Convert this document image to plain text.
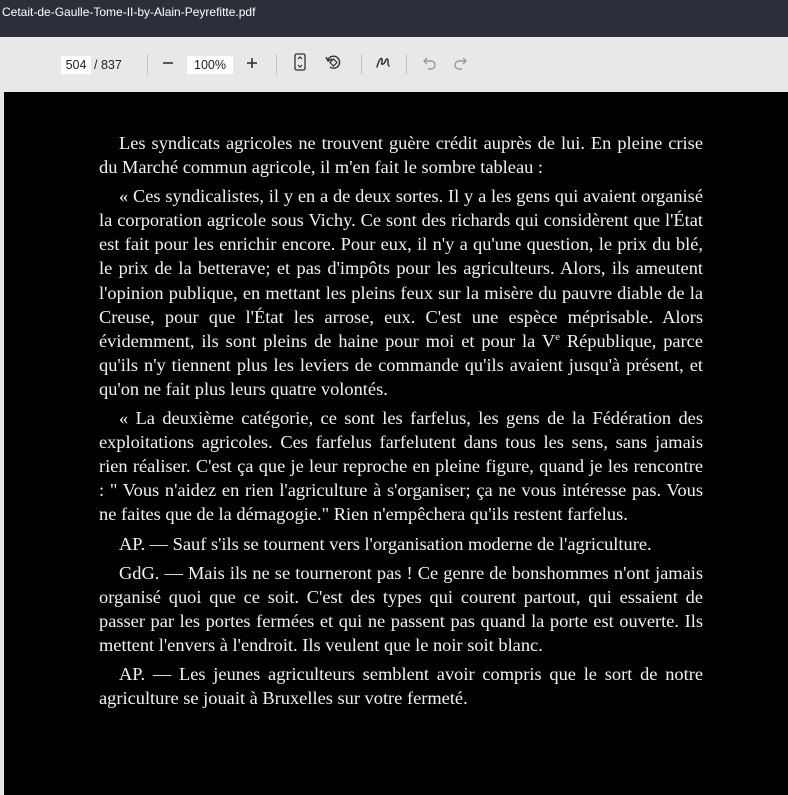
Cetait-de-Gaulle-Tome-II-by-Alain-Peyrefitte.pdf
504 / 837	100%

Les syndicats agricoles ne trouvent guère crédit auprès de lui. En pleine crise du Marché commun agricole, il m'en fait le sombre tableau :

« Ces syndicalistes, il y en a de deux sortes. Il y a les gens qui avaient organisé la corporation agricole sous Vichy. Ce sont des richards qui considèrent que l'État est fait pour les enrichir encore. Pour eux, il n'y a qu'une question, le prix du blé, le prix de la betterave; et pas d'impôts pour les agriculteurs. Alors, ils ameutent l'opinion publique, en mettant les pleins feux sur la misère du pauvre diable de la Creuse, pour que l'État les arrose, eux. C'est une espèce méprisable. Alors évidemment, ils sont pleins de haine pour moi et pour la Ve République, parce qu'ils n'y tiennent plus les leviers de commande qu'ils avaient jusqu'à présent, et qu'on ne fait plus leurs quatre volontés.

« La deuxième catégorie, ce sont les farfelus, les gens de la Fédération des exploitations agricoles. Ces farfelus farfelutent dans tous les sens, sans jamais rien réaliser. C'est ça que je leur reproche en pleine figure, quand je les rencontre : " Vous n'aidez en rien l'agriculture à s'organiser; ça ne vous intéresse pas. Vous ne faites que de la démagogie." Rien n'empêchera qu'ils restent farfelus.

AP. — Sauf s'ils se tournent vers l'organisation moderne de l'agriculture.

GdG. — Mais ils ne se tourneront pas ! Ce genre de bonshommes n'ont jamais organisé quoi que ce soit. C'est des types qui courent partout, qui essaient de passer par les portes fermées et qui ne passent pas quand la porte est ouverte. Ils mettent l'envers à l'endroit. Ils veulent que le noir soit blanc.

AP. — Les jeunes agriculteurs semblent avoir compris que le sort de notre agriculture se jouait à Bruxelles sur votre fermeté.
